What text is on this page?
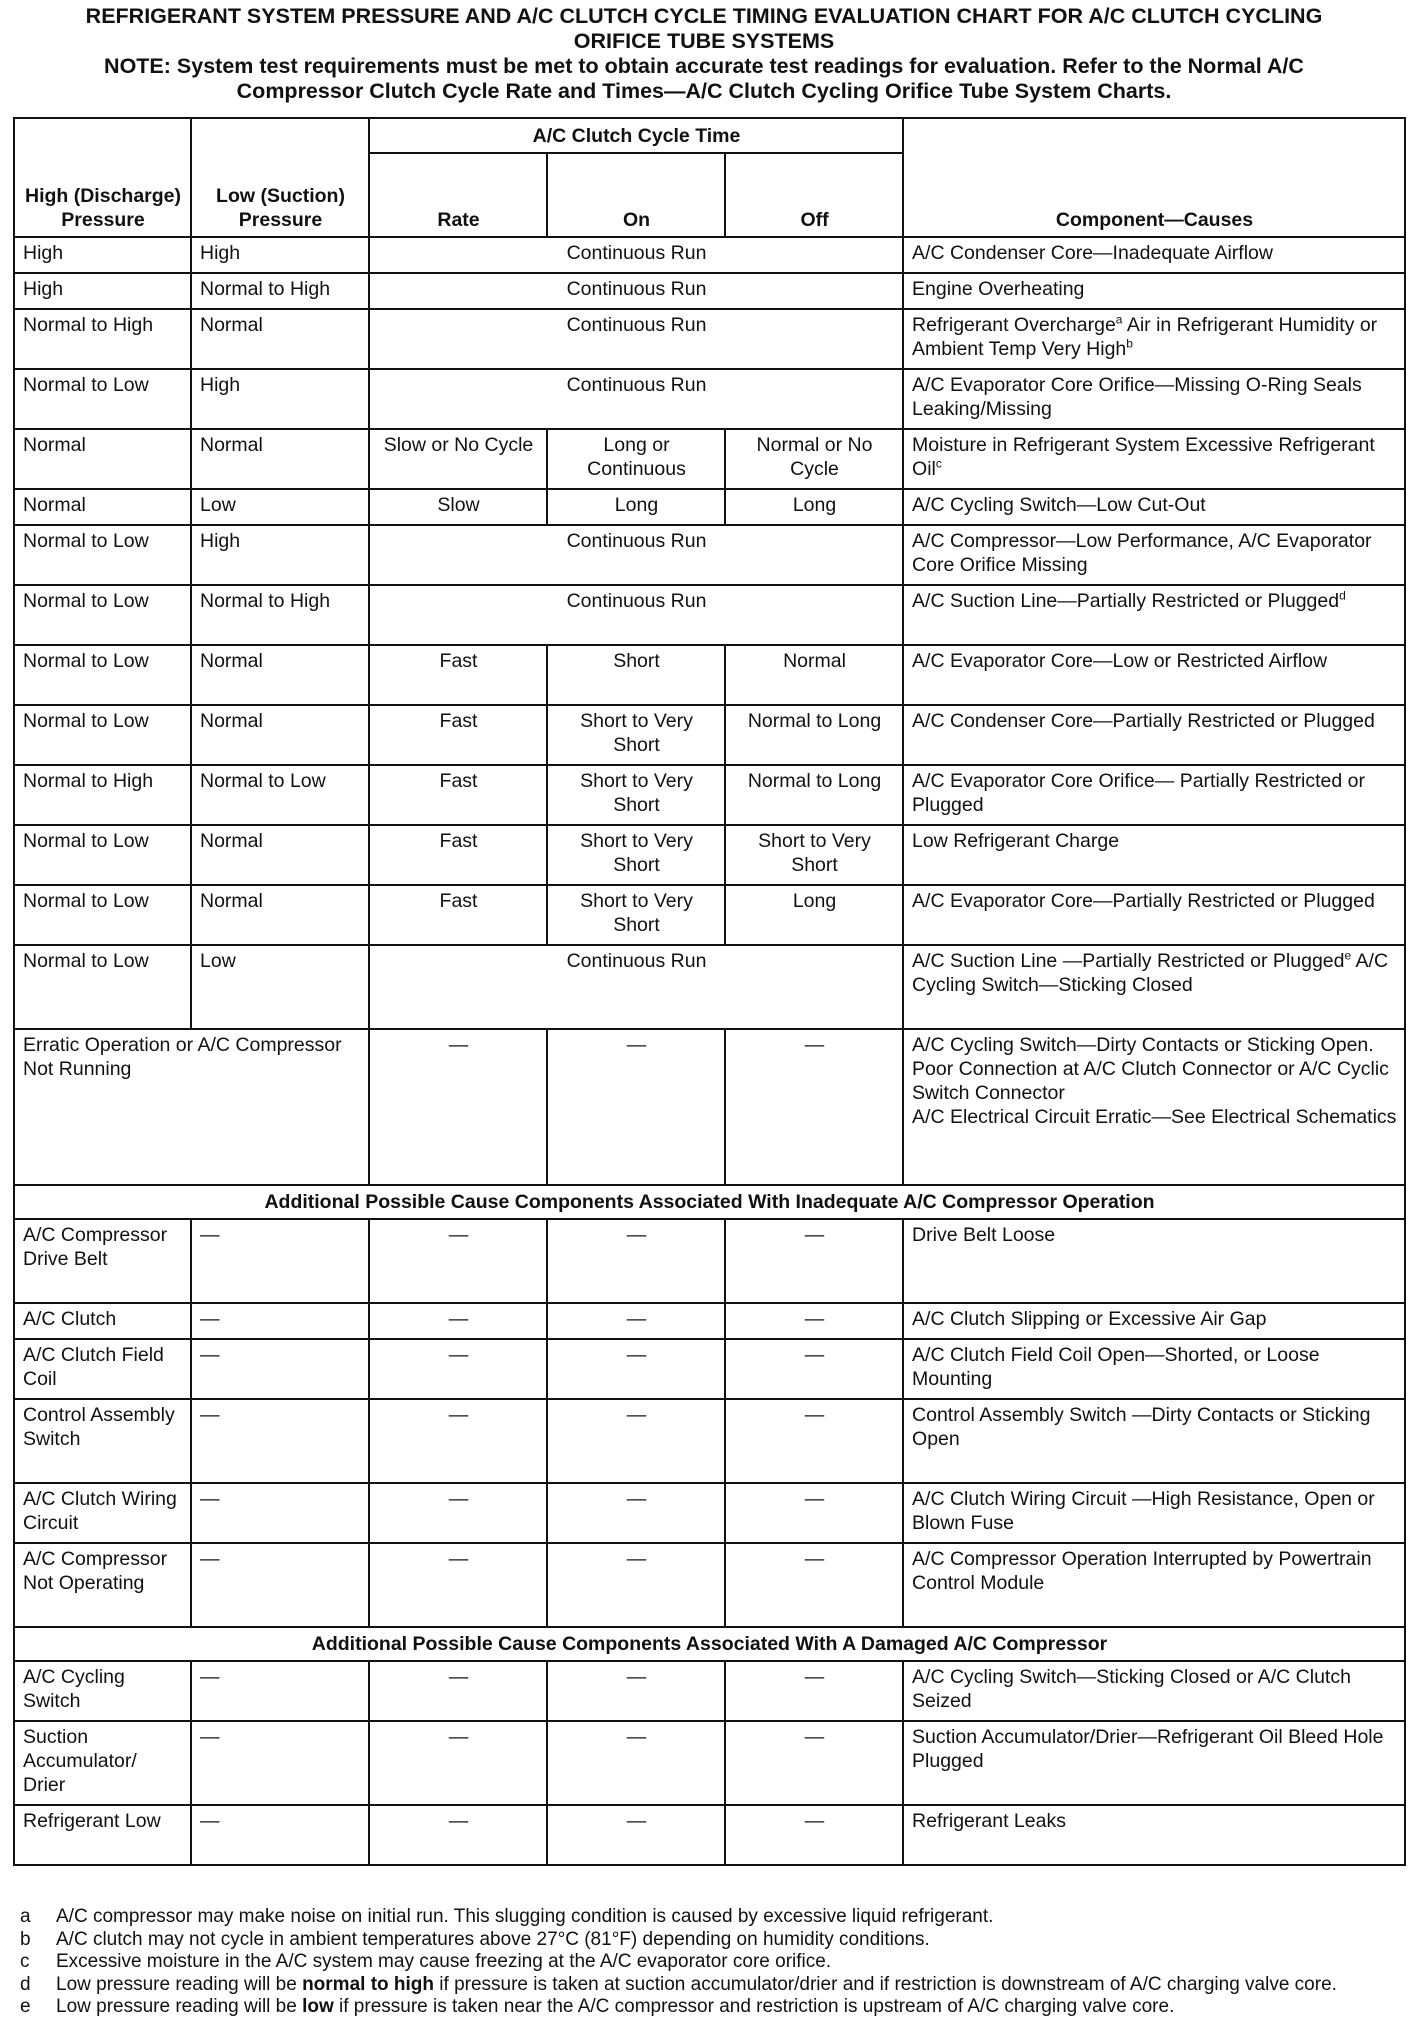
REFRIGERANT SYSTEM PRESSURE AND A/C CLUTCH CYCLE TIMING EVALUATION CHART FOR A/C CLUTCH CYCLING
ORIFICE TUBE SYSTEMS
NOTE: System test requirements must be met to obtain accurate test readings for evaluation. Refer to the Normal A/C
Compressor Clutch Cycle Rate and Times—A/C Clutch Cycling Orifice Tube System Charts.
High (Discharge) Pressure	Low (Suction) Pressure	A/C Clutch Cycle Time			Component—Causes
		Rate	On	Off	
High	High	Continuous Run			A/C Condenser Core—Inadequate Airflow
High	Normal to High	Continuous Run			Engine Overheating
Normal to High	Normal	Continuous Run			Refrigerant Overcharge$^a$ Air in Refrigerant Humidity or Ambient Temp Very High$^b$
Normal to Low	High	Continuous Run			A/C Evaporator Core Orifice—Missing O-Ring Seals Leaking/Missing
Normal	Normal	Slow or No Cycle	Long or Continuous	Normal or No Cycle	Moisture in Refrigerant System Excessive Refrigerant Oil$^c$
Normal	Low	Slow	Long	Long	A/C Cycling Switch—Low Cut-Out
Normal to Low	High	Continuous Run			A/C Compressor—Low Performance, A/C Evaporator Core Orifice Missing
Normal to Low	Normal to High	Continuous Run			A/C Suction Line—Partially Restricted or Plugged$^d$
Normal to Low	Normal	Fast	Short	Normal	A/C Evaporator Core—Low or Restricted Airflow
Normal to Low	Normal	Fast	Short to Very Short	Normal to Long	A/C Condenser Core—Partially Restricted or Plugged
Normal to High	Normal to Low	Fast	Short to Very Short	Normal to Long	A/C Evaporator Core Orifice— Partially Restricted or Plugged
Normal to Low	Normal	Fast	Short to Very Short	Short to Very Short	Low Refrigerant Charge
Normal to Low	Normal	Fast	Short to Very Short	Long	A/C Evaporator Core—Partially Restricted or Plugged
Normal to Low	Low	Continuous Run			A/C Suction Line —Partially Restricted or Plugged$^e$ A/C Cycling Switch—Sticking Closed
Erratic Operation or A/C Compressor Not Running		—	—	—	A/C Cycling Switch—Dirty Contacts or Sticking Open.
Poor Connection at A/C Clutch Connector or A/C Cyclic Switch Connector
A/C Electrical Circuit Erratic—See Electrical Schematics

Additional Possible Cause Components Associated With Inadequate A/C Compressor Operation					
A/C Compressor Drive Belt	—	—	—	—	Drive Belt Loose
A/C Clutch	—	—	—	—	A/C Clutch Slipping or Excessive Air Gap
A/C Clutch Field Coil	—	—	—	—	A/C Clutch Field Coil Open—Shorted, or Loose Mounting
Control Assembly Switch	—	—	—	—	Control Assembly Switch —Dirty Contacts or Sticking Open
A/C Clutch Wiring Circuit	—	—	—	—	A/C Clutch Wiring Circuit —High Resistance, Open or Blown Fuse
A/C Compressor Not Operating	—	—	—	—	A/C Compressor Operation Interrupted by Powertrain Control Module
Additional Possible Cause Components Associated With A Damaged A/C Compressor					
A/C Cycling Switch	—	—	—	—	A/C Cycling Switch—Sticking Closed or A/C Clutch Seized
Suction Accumulator/ Drier	—	—	—	—	Suction Accumulator/Drier—Refrigerant Oil Bleed Hole Plugged
Refrigerant Low	—	—	—	—	Refrigerant Leaks
a	A/C compressor may make noise on initial run. This slugging condition is caused by excessive liquid refrigerant.
b	A/C clutch may not cycle in ambient temperatures above 27°C (81°F) depending on humidity conditions.
c	Excessive moisture in the A/C system may cause freezing at the A/C evaporator core orifice.
d	Low pressure reading will be normal to high if pressure is taken at suction accumulator/drier and if restriction is downstream of A/C charging valve core.
e	Low pressure reading will be low if pressure is taken near the A/C compressor and restriction is upstream of A/C charging valve core.
